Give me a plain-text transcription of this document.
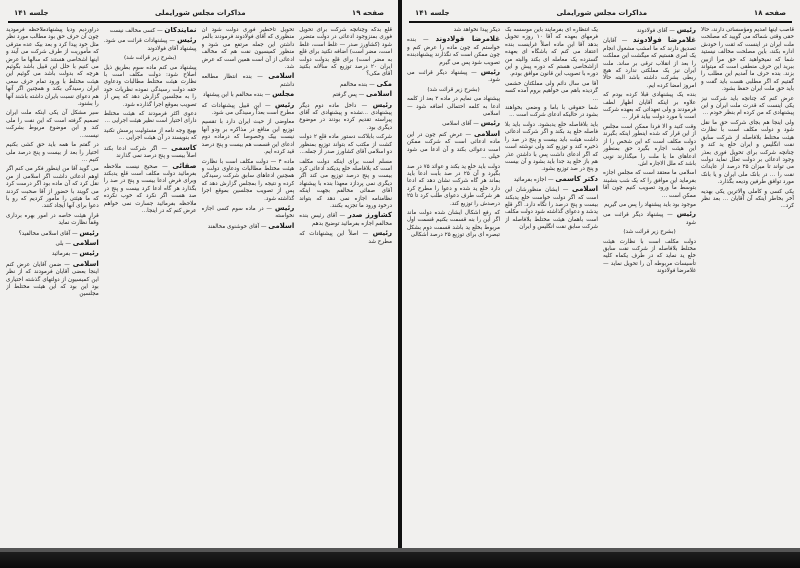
صفحه ۱۹
مذاکرات مجلس شورایملی
جلسه ۱۴۱

قلع بدکه وچنانچه شرکت برای تحویل فوری بمنزوجود ادعائی در دولت متضرر شود (کشاورز صدر — غلط است، غلط است، مضر است) اضافه نکنید برای قلع به مضر است) برای قلع بدولت دولت ایران ۲۰ درصد توزیع که سالانه بکنید آقای مکی؟

مکی — بنده مخالفم

اسلامی — پس گرفتم

رئیس — داخل ماده دوم دیگر پیشنهادی ...نشده و پیشنهادی که آقای پیراسته تقدیم کرده بودند در موضوع دیگری بود.

شرکت بابلاکت دستور ماده قلع ۲ دولت کشت از مکتب که بتواند توزیع بمنظور دو اسلامی آقای کشاورز صدر از جمله...

مسلم است برای اینکه دولت مکلف است که بلافاصله خلع یدیکند ادعائی کرد بیست و پنج درصد توزیع می کند اگر دیگری نمی پردازد معهذا بنده با پیشنهاد آقای صفائی مخالفم بجهت اینکه نظامنامه اجازه نمی دهد که بتواند درخود ورود ما تجزیه بکنند.

کشاورز صدر — آقای رئیس بنده مخالفم اجازه بفرمائید توضیح بدهم

رئیس — اصلاً این پیشنهادات که مطرح شد

تحویل تاخطیر فوری دولت شود آن منظوری که آقای فولادوند فرمودند بالمر داشتن این جمله مرتفع می شود و منظور کمیسیون نفت هم که مخالف ادعائی از آن است همین است که عرض شد.

اسلامی — بنده انتظار مطالعه داشتم

مجلس — بنده مخالفم با این پیشنهاد

رئیس — این قبیل پیشنهادات که مطرح است بعداً رسیدگی می شود.

معاوضی از حیث ایران دارد با تقسیم توزیع این منافع در مذاکره بر ودو آنها نیست بیک وخصوصا که درماده دوم ادعای این قسمت هم بیست و پنج درصد قید کرده ایم.

ماده ۴ — دولت مکلف است با نظارت هیئت مختلط مطالبات ودعاوی دولت و همچنین ادعاهای سابق شرکت رسیدگی کرده و نتیجه را بمجلس گزارش دهد که پس از تصویب مجلسین بموقع اجرا گذاشته شود.

رئیس — در ماده سوم کسی اجازه نخواسته

اسلامی — آقای خوشنوی مخالفند

نمایندگان — کسی مخالف نیست

رئیس — پیشنهادات قرائت می شود. پیشنهاد آقای فولادوند

(بشرح زیر قرائت شد)

پیشنهاد می کنم ماده سوم بطریق ذیل اصلاح شود: دولت مکلف است با نظارت هیئت مختلط مطالبات ودعاوی حقه دولت رسیدگی نموده نظریات خود را به مجلسین گزارش دهد که پس از تصویب بموقع اجرا گذارده شود.

دعوی اکثر فرمودند که هیئت مختلط دارای اختیار است نظیر هیئت اجرایی ...

بهیچ وجه نامه از مسئولیت پرسش نکنید که بنویسند در آن هیئت اجرایی ...

کاسمی — اگر شرکت ادعا بکند اصلاً بیست و پنج درصد نمی گذارند

صفائی — صحیح نیست ملاحظه بفرمائید دولت مکلف است قلع یدبکند وبرای فرض ادعا بیست و پنج در صد را بگذارد هر گاه ادعا کرد بیست و پنج در صد هست اگر نکرد که خوب نکرده ملاحظه بفرمائید جسارت نمی خواهم عرض کنم که در اینجا...

درآوردیم ودیا پیشنهادملاحظه فرمودید چون آن حرف حق بود مطالب مورد نظر مثل خود پیدا کرد و بعد بیک عده مترقی که مأموریت از طرف شرکت می آیند و اینها اشخاصی هستند که سالها ما عرض می کنیم با خلل این قبیل باشد بگوئیم هرچه که بدولت باشد می گوئیم این هیئت مختلط با ورود تمام حرف سعی ایران رسیدگی بکند و همچنین اگر آنها هم دعوای نسبت بایران داشته باشند آنها را بشنود.

سیر مشکل آن یکی اینکه ملت ایران تصمیم گرفته است که این نفت را ملی کند و این موضوع مربوط بشرکت نیست...

در گفتم ما همه باید حق کشی بکنیم اختیار را بعد از بیست و پنج درصد ملی کنیم ...

می گوید آقا من اینطور فکر می کنم اگر اوهم ادعائی داشت اگر اسلامی از من نقل کرد که آن ماده بود اگر درست کرد می گویند با حضور از آقا صحبت کردند که ما هیئتی را مأمور کردیم که رو با دعوا برای آنها ایجاد کنند.

قرار هیئت خاصه در امور بهره برداری وقفاً نظارت نماید

رئیس — آقای اسلامی مخالفید؟

اسلامی — بلی

رئیس — بفرمائید

اسلامی — ضمن آقایان عرض کنم اینجا بعضی آقایان فرمودند که از نظر این کمیسیون از دولتهای گذشته اختیاری بود این بود که این هیئت مختلط از مجلسین

صفحه ۱۸
مذاکرات مجلس شورایملی
جلسه ۱۴۱

قاصب اینها آمدیم ومؤسساتی دارند، حالا حقی وقتی شماکه می گویید که مصلحت ملت ایران در اینست که ثقت را خودش اداره بکند، باین مصلحت مخالف نیستید شما که نمیخواهید که حق مرا ازبین ببرید این حرف منطقی است که میتواند بزند. بنده حرف ما آمدیم این مطلب را گفتیم که اگر مطلبی هست باید گفت و باید حق ملت ایران حفظ بشود.

عرض کنم که چنانچه باید شرکت نیز یکی اینست که قدرت ملت ایران و این پیشنهادی که من کرده ام بنظر خودم ...

ولی اینجا هم بجای شرکت حق ما نقل شود و دولت مکلف است با نظارت هیئت مختلط بلافاصله از شرکت سابق نفت انگلیس و ایران خلع ید کند و چنانچه شرکت برای تحویل فوری بعذر وجود ادعائی بر دولت تعلل نماید دولت می تواند تا میزان ۲۵ درصد از عایدات نفت را ... در بانک ملی ایران و یا بانک مورد توافق طرفین ودیعه بگذارد.

یکی کسی و کاملی والاترین یکی بهدیه آخر بخاطر اینکه آن آقایان ... بعد نظر کرد...

رئیس — آقای فولادوند

غلامرضا فولادوند — آقایان تصدیق دارند که ما امشب مشغول انجام یک امری هستیم که میگشت این مملکت را بعد از انقلاب ترقی بر ساند. ملت ایران نیز یک مملکتی ندارد که هیچ ربطی بشرکت داشته باشد البته حالا امروز امضا کرده ایم.

بنده یک پیشنهادی قبلا کرده بودم که علاوه بر اینکه آقایان اظهار لطف فرمودند و ولی تعهداتی که بعهده شرکت است با مورد دولت بیاید قرار ...

وقت کنید و الا فردا ممکن است مجلس از این قرار که شده اینطور اینکه بگیرند دولت مکلف است که این شخص را از این هیئت اجاره بگیرد حق بمنظور ادعاهای ما با ملت را میگذارند نوبی باشد که ملل الاجاره اش.

اسلامی ما معتقد است که مجلس اجازه بفرماید این موافق را که یک شب بنشیند بتوسط ما ورود تصویب کنیم چون آقا ممکن است ...

موجود بود باید پیشنهاد را پس می گیریم

رئیس — پیشنهاد دیگر قرائت می شود

(بشرح زیر قرائت شد)

دولت مکلف است با نظارت هیئت مختلط بلافاصله از شرکت نفت سابق خلع ید نماید که در طرف یکماه کلیه تأسیسات مربوطه آن را تحویل نماید — غلامرضا فولادوند

یک انتظاره ای بفرمایند باین موسسه بک فرمهای بعهده که آقا ۱۰ روزه تحویل بدهد آقا این ماده اصلاً غرایست بنده اعتقاد می کنم که باشگاه ای بعهده گسترده یک معامله ای بکند والبته من ازاشخاصی هستم که دوره پیش و این دوره با تصویب این قانون موافق بودم.

آقا می سال دائم ولی مملکتان خشمی گردیده باهم می خواهیم بروم آمده کسه ...

شما حقوقی با باما و وضعی بخواهند بشود در حالیکه ادعای شرکت است ...

باید بلافاصله خلع یدبشود. دولت باید بلا فاصله خلع ید بکند و اگر شرکت ادعائی داشت هیئت باید بیست و پنج در صد را ذخیره کند و توزیع کند ولی نوشته است که اگر ادعای داشت پس با داشتن عذر هم باز خلع ید جدا باید بشود و آن بیست و پنج در صد توزیع بشود.

دکتر کاسمی — اجازه بفرمائید

اسلامی — ایشان منظورشان این است که اگر دولت خواست خلع یدبکند بیست و پنج درصد را نگاه دارد. اگر قلع یدشد و دعوای گذاشته شود دولت مکلف است باهمان هیئت مختلط بلافاصله از شرکت سابق نفت انگلیس و ایران

دیگر پیدا نخواهد شد

غلامرضا فولادوند — بنده خواستم که چون ماده را عرض کنم و چون ممکن است که نگذارند پیشنهادبنده تصویب شود پس می گیرم

رئیس — پیشنهاد دیگر قرائت می شود.

(بشرح زیر قرائت شد)

پیشنهاد می نمایم در ماده ۲ بعد از کلمه ادعا به کلمه احتمالی اضافه شود — اسلامی

رئیس — آقای اسلامی

اسلامی — عرض کنم چون در این ماده ادعائی است که شرکت ممکن است دعوائی بکند و آن ادعا می شود خیلی ...

دولت باید خلع ید بکند و عوائد ۷۵ در صد بگیرد و آن ۲۵ در صد بابت ادعا باید بماند هر گاه شرکت نشان دهد که ادعا دارد خلع ید شده و دعوا را مطرح کرد هر شرکت طرف دعوای طلب کرد تا ۲۵ درصدش را توزیع کند.

که رفع اشکال ایشان شده دولت ماند اگر این را بنه قسمت بکنیم قسمت اول مربوط بخلع ید باشد قسمت دوم بشکل تبصره ای برای توزیع ۲۵ درصد اشکالی
